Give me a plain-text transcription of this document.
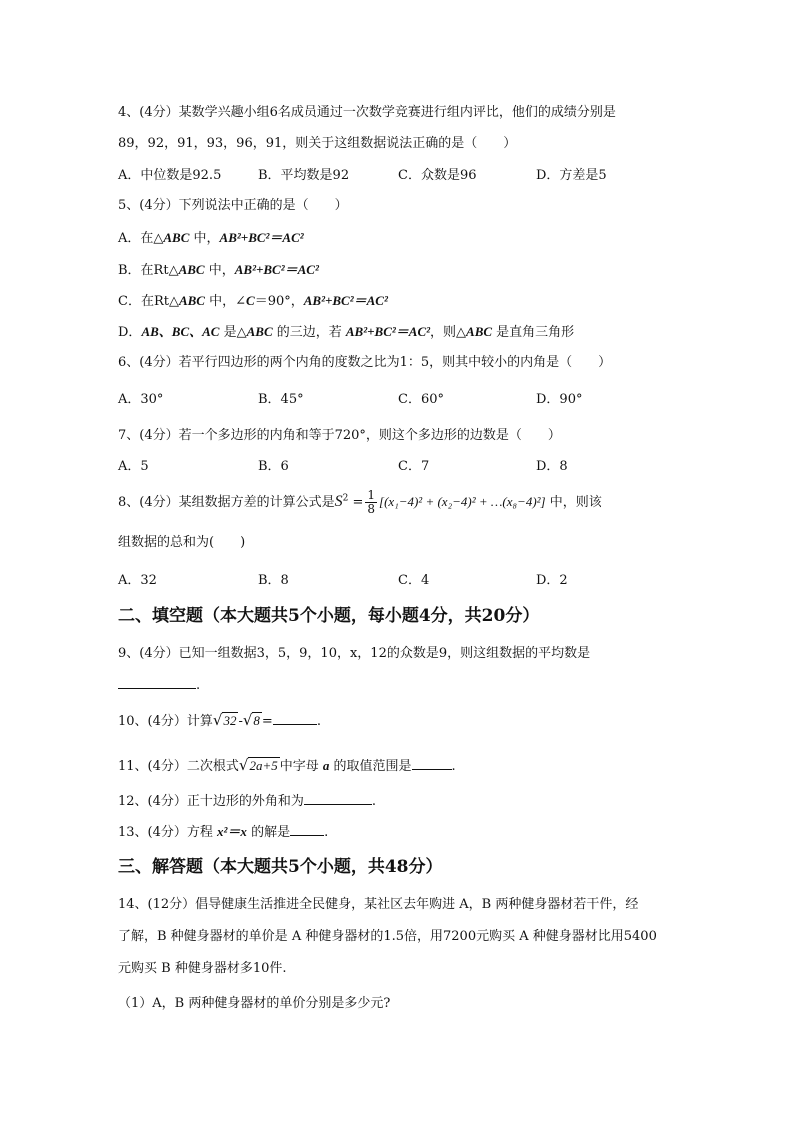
4、(4分）某数学兴趣小组6名成员通过一次数学竞赛进行组内评比，他们的成绩分别是
89，92，91，93，96，91，则关于这组数据说法正确的是（　　）
A．中位数是92.5	B．平均数是92	C．众数是96	D．方差是5
5、(4分）下列说法中正确的是（　　）
A．在△ABC 中，AB²+BC²＝AC²
B．在Rt△ABC 中，AB²+BC²＝AC²
C．在Rt△ABC 中，∠C＝90°，AB²+BC²＝AC²
D．AB、BC、AC 是△ABC 的三边，若 AB²+BC²＝AC²，则△ABC 是直角三角形
6、(4分）若平行四边形的两个内角的度数之比为1：5，则其中较小的内角是（　　）
A．30°	B．45°	C．60°	D．90°
7、(4分）若一个多边形的内角和等于720°，则这个多边形的边数是（　　）
A．5	B．6	C．7	D．8
8、(4分）某组数据方差的计算公式是$S^2 = \frac{1}{8} [(x_1-4)^2 + (x_2-4)^2$ + …(x₈−4)²] 中，则该
组数据的总和为(　　)
A．32	B．8	C．4	D．2
二、填空题（本大题共5个小题，每小题4分，共20分）
9、(4分）已知一组数据3，5，9，10，x，12的众数是9，则这组数据的平均数是
.
10、(4分）计算√32 -√8 =	.
11、(4分）二次根式√2a+5 中字母 a 的取值范围是	.
12、(4分）正十边形的外角和为	.
13、(4分）方程 x²＝x 的解是	.
三、解答题（本大题共5个小题，共48分）
14、(12分）倡导健康生活推进全民健身，某社区去年购进 A，B 两种健身器材若干件，经
了解，B 种健身器材的单价是 A 种健身器材的1.5倍，用7200元购买 A 种健身器材比用5400
元购买 B 种健身器材多10件.
（1）A，B 两种健身器材的单价分别是多少元?
